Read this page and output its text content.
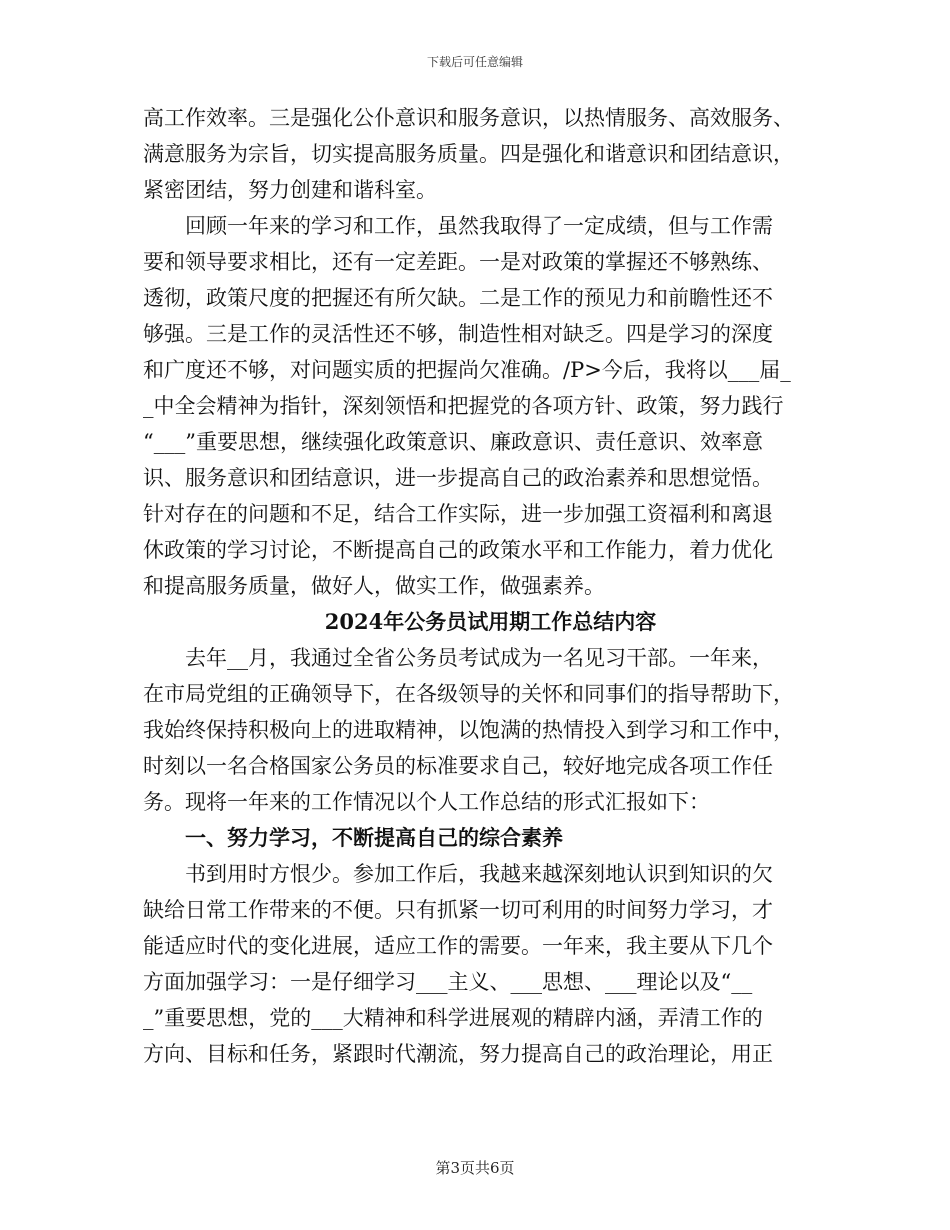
下载后可任意编辑
高工作效率。三是强化公仆意识和服务意识，以热情服务、高效服务、
满意服务为宗旨，切实提高服务质量。四是强化和谐意识和团结意识，
紧密团结，努力创建和谐科室。
回顾一年来的学习和工作，虽然我取得了一定成绩，但与工作需
要和领导要求相比，还有一定差距。一是对政策的掌握还不够熟练、
透彻，政策尺度的把握还有所欠缺。二是工作的预见力和前瞻性还不
够强。三是工作的灵活性还不够，制造性相对缺乏。四是学习的深度
和广度还不够，对问题实质的把握尚欠准确。/P>今后，我将以___届_
_中全会精神为指针，深刻领悟和把握党的各项方针、政策，努力践行
“___”重要思想，继续强化政策意识、廉政意识、责任意识、效率意
识、服务意识和团结意识，进一步提高自己的政治素养和思想觉悟。
针对存在的问题和不足，结合工作实际，进一步加强工资福利和离退
休政策的学习讨论，不断提高自己的政策水平和工作能力，着力优化
和提高服务质量，做好人，做实工作，做强素养。
2024年公务员试用期工作总结内容
去年__月，我通过全省公务员考试成为一名见习干部。一年来，
在市局党组的正确领导下，在各级领导的关怀和同事们的指导帮助下，
我始终保持积极向上的进取精神，以饱满的热情投入到学习和工作中，
时刻以一名合格国家公务员的标准要求自己，较好地完成各项工作任
务。现将一年来的工作情况以个人工作总结的形式汇报如下：
一、努力学习，不断提高自己的综合素养
书到用时方恨少。参加工作后，我越来越深刻地认识到知识的欠
缺给日常工作带来的不便。只有抓紧一切可利用的时间努力学习，才
能适应时代的变化进展，适应工作的需要。一年来，我主要从下几个
方面加强学习：一是仔细学习___主义、___思想、___理论以及“__
_”重要思想，党的___大精神和科学进展观的精辟内涵，弄清工作的
方向、目标和任务，紧跟时代潮流，努力提高自己的政治理论，用正
第3页共6页
